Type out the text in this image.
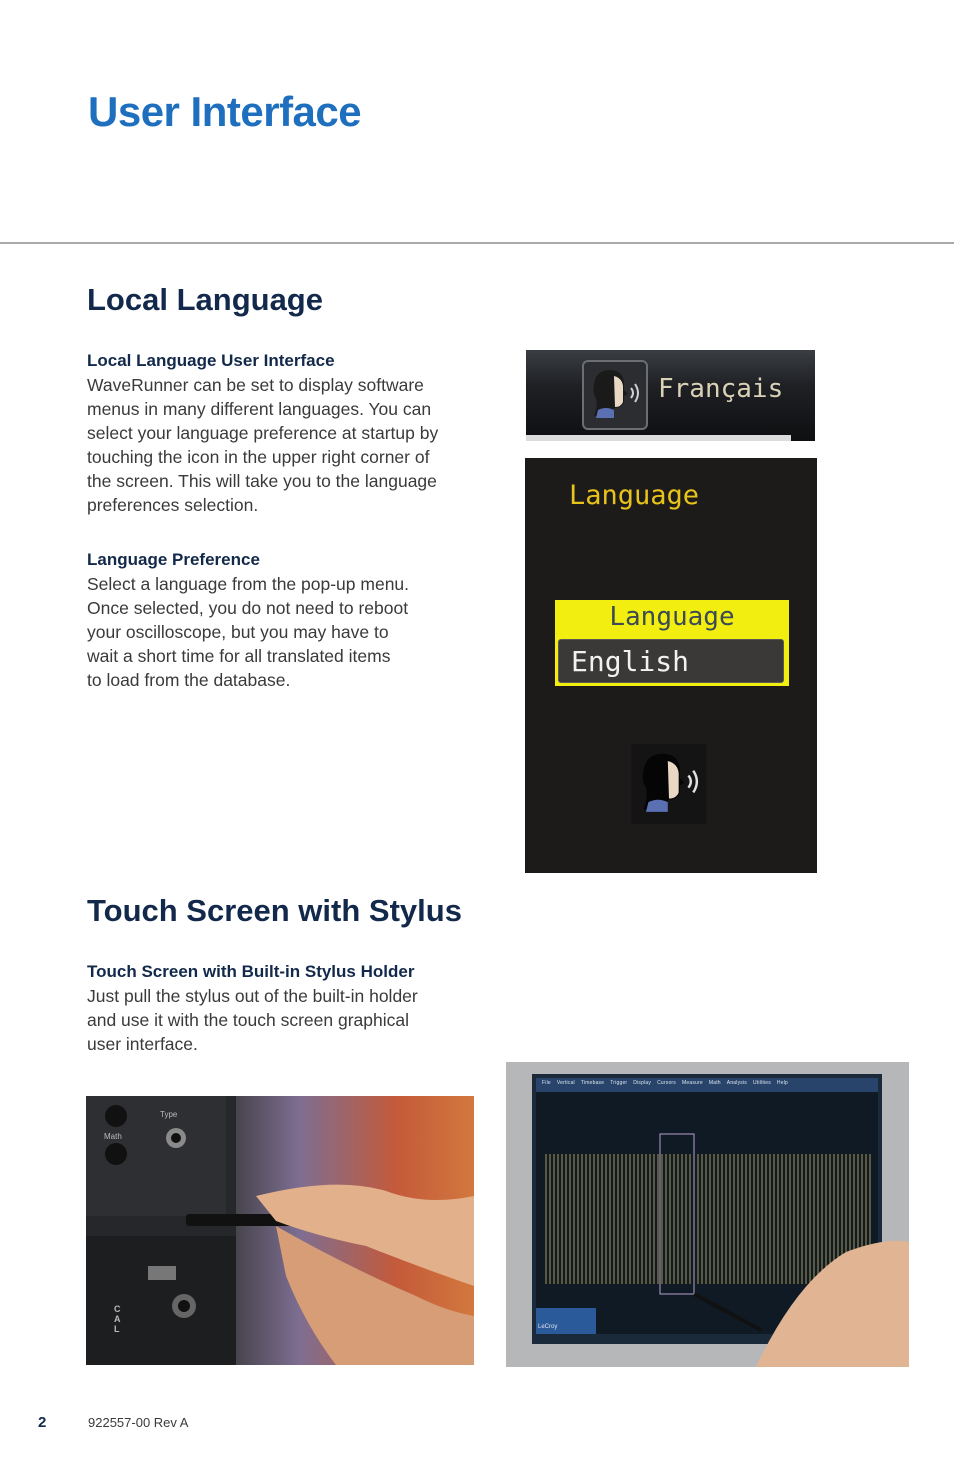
User Interface
Local Language

Local Language User Interface

WaveRunner can be set to display software
menus in many different languages. You can
select your language preference at startup by
touching the icon in the upper right corner of
the screen. This will take you to the language
preferences selection.

Language Preference

Select a language from the pop-up menu.
Once selected, you do not need to reboot
your oscilloscope, but you may have to
wait a short time for all translated items
to load from the database.

Français
Language
Language
English
Touch Screen with Stylus

Touch Screen with Built-in Stylus Holder

Just pull the stylus out of the built-in holder
and use it with the touch screen graphical
user interface.

Type
Math
C
A
L
File Vertical Timebase Trigger Display Cursors Measure Math Analysis Utilities Help
LeCroy
2	922557-00 Rev A
